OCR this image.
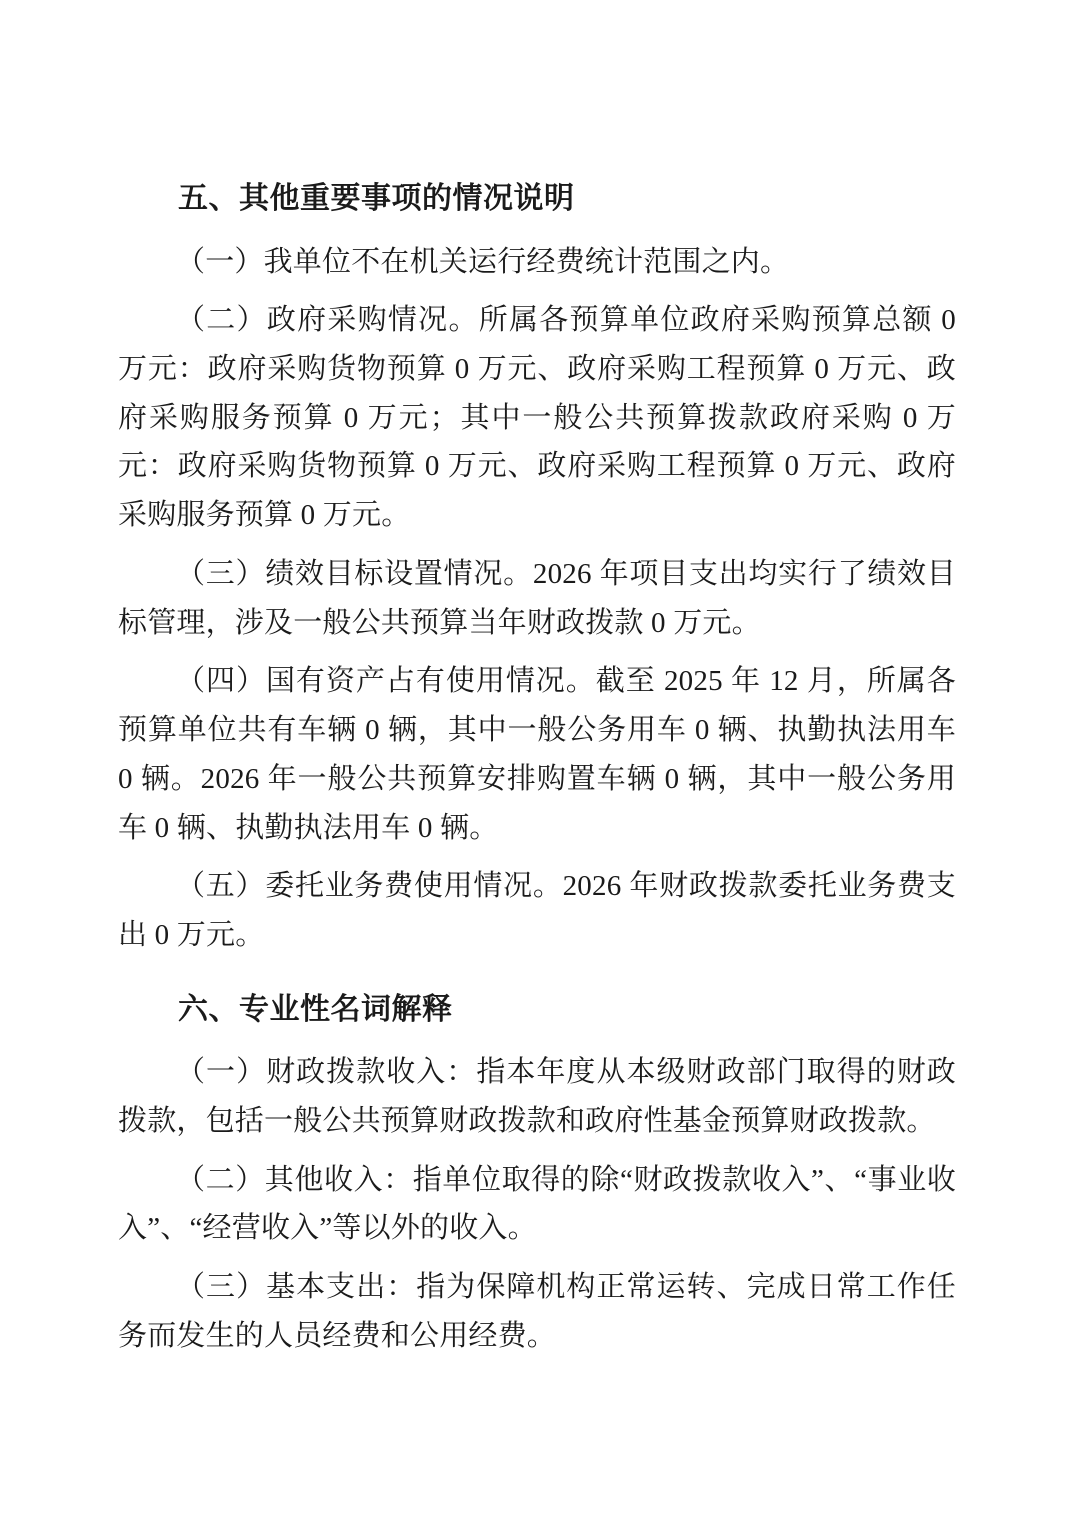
五、其他重要事项的情况说明

（一）我单位不在机关运行经费统计范围之内。

（二）政府采购情况。所属各预算单位政府采购预算总额 0 万元：政府采购货物预算 0 万元、政府采购工程预算 0 万元、政府采购服务预算 0 万元；其中一般公共预算拨款政府采购 0 万元：政府采购货物预算 0 万元、政府采购工程预算 0 万元、政府采购服务预算 0 万元。

（三）绩效目标设置情况。2026 年项目支出均实行了绩效目标管理，涉及一般公共预算当年财政拨款 0 万元。

（四）国有资产占有使用情况。截至 2025 年 12 月，所属各预算单位共有车辆 0 辆，其中一般公务用车 0 辆、执勤执法用车 0 辆。2026 年一般公共预算安排购置车辆 0 辆，其中一般公务用车 0 辆、执勤执法用车 0 辆。

（五）委托业务费使用情况。2026 年财政拨款委托业务费支出 0 万元。

六、专业性名词解释

（一）财政拨款收入：指本年度从本级财政部门取得的财政拨款，包括一般公共预算财政拨款和政府性基金预算财政拨款。

（二）其他收入：指单位取得的除“财政拨款收入”、“事业收入”、“经营收入”等以外的收入。

（三）基本支出：指为保障机构正常运转、完成日常工作任务而发生的人员经费和公用经费。
